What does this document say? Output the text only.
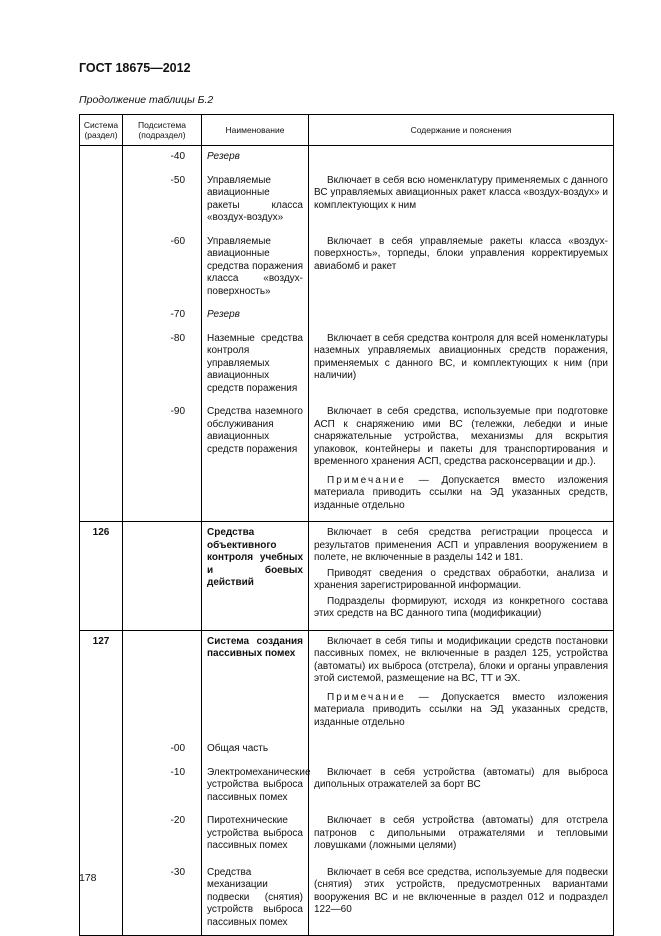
ГОСТ 18675—2012
Продолжение таблицы Б.2
Система (раздел)	Подсистема (подраздел)	Наименование	Содержание и пояснения
	-40	Резерв	
	-50	Управляемые авиационные ракеты класса «воздух-воздух»	Включает в себя всю номенклатуру применяемых с данного ВС управляемых авиационных ракет класса «воздух-воздух» и комплектующих к ним

	-60	Управляемые авиационные средства поражения класса «воздух-поверхность»	Включает в себя управляемые ракеты класса «воздух-поверхность», торпеды, блоки управления корректируемых авиабомб и ракет

	-70	Резерв	
	-80	Наземные средства контроля управляемых авиационных средств поражения	Включает в себя средства контроля для всей номенклатуры наземных управляемых авиационных средств поражения, применяемых с данного ВС, и комплектующих к ним (при наличии)

	-90	Средства наземного обслуживания авиационных средств поражения	Включает в себя средства, используемые при подготовке АСП к снаряжению ими ВС (тележки, лебедки и иные снаряжательные устройства, механизмы для вскрытия упаковок, контейнеры и пакеты для транспортирования и временного хранения АСП, средства расконсервации и др.).

Примечание — Допускается вместо изложения материала приводить ссылки на ЭД указанных средств, изданные отдельно

126		Средства объективного контроля учебных и боевых действий	Включает в себя средства регистрации процесса и результатов применения АСП и управления вооружением в полете, не включенные в разделы 142 и 181.

Приводят сведения о средствах обработки, анализа и хранения зарегистрированной информации.

Подразделы формируют, исходя из конкретного состава этих средств на ВС данного типа (модификации)

127		Система создания пассивных помех	Включает в себя типы и модификации средств постановки пассивных помех, не включенные в раздел 125, устройства (автоматы) их выброса (отстрела), блоки и органы управления этой системой, размещение на ВС, ТТ и ЭХ.

Примечание — Допускается вместо изложения материала приводить ссылки на ЭД указанных средств, изданные отдельно

	-00	Общая часть	
	-10	Электромеханические устройства выброса пассивных помех	Включает в себя устройства (автоматы) для выброса дипольных отражателей за борт ВС

	-20	Пиротехнические устройства выброса пассивных помех	Включает в себя устройства (автоматы) для отстрела патронов с дипольными отражателями и тепловыми ловушками (ложными целями)

	-30	Средства механизации подвески (снятия) устройств выброса пассивных помех	Включает в себя все средства, используемые для подвески (снятия) этих устройств, предусмотренных вариантами вооружения ВС и не включенные в раздел 012 и подраздел 122—60

178
